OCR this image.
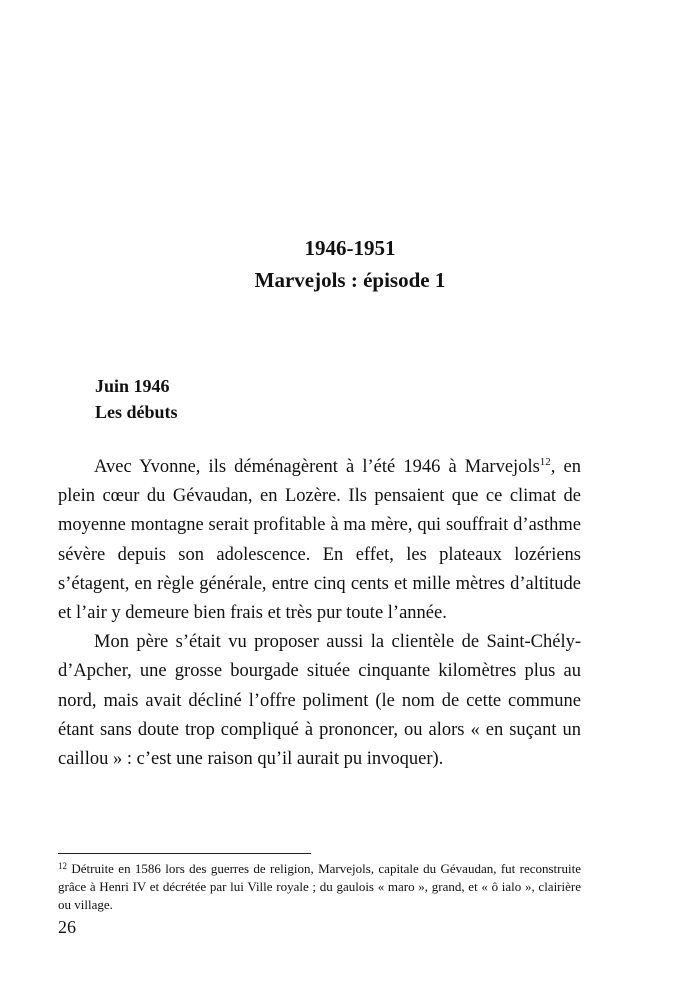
1946-1951
Marvejols : épisode 1
Juin 1946
Les débuts

Avec Yvonne, ils déménagèrent à l’été 1946 à Marvejols$^{12}$, en plein cœur du Gévaudan, en Lozère. Ils pensaient que ce climat de moyenne montagne serait profitable à ma mère, qui souffrait d’asthme sévère depuis son adolescence. En effet, les plateaux lozériens s’étagent, en règle générale, entre cinq cents et mille mètres d’altitude et l’air y demeure bien frais et très pur toute l’année.

Mon père s’était vu proposer aussi la clientèle de Saint-Chély-d’Apcher, une grosse bourgade située cinquante kilomètres plus au nord, mais avait décliné l’offre poliment (le nom de cette commune étant sans doute trop compliqué à prononcer, ou alors « en suçant un caillou » : c’est une raison qu’il aurait pu invoquer).

$^{12}$ Détruite en 1586 lors des guerres de religion, Marvejols, capitale du Gévaudan, fut reconstruite grâce à Henri IV et décrétée par lui Ville royale ; du gaulois « maro », grand, et « ô ialo », clairière ou village.
26
